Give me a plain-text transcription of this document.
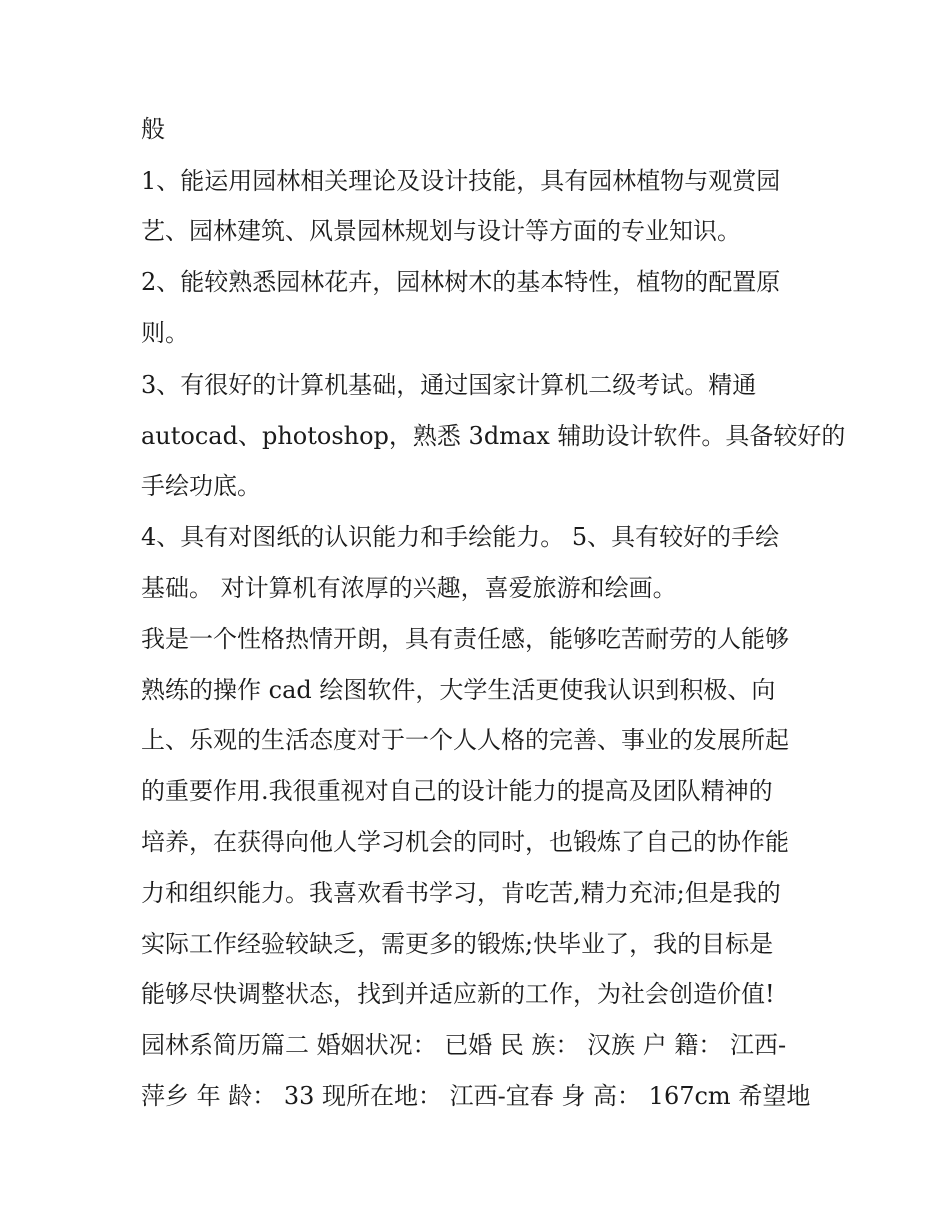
般
1、能运用园林相关理论及设计技能，具有园林植物与观赏园
艺、园林建筑、风景园林规划与设计等方面的专业知识。
2、能较熟悉园林花卉，园林树木的基本特性，植物的配置原
则。
3、有很好的计算机基础，通过国家计算机二级考试。精通
autocad、photoshop，熟悉 3dmax 辅助设计软件。具备较好的
手绘功底。
4、具有对图纸的认识能力和手绘能力。 5、具有较好的手绘
基础。 对计算机有浓厚的兴趣，喜爱旅游和绘画。
我是一个性格热情开朗，具有责任感，能够吃苦耐劳的人能够
熟练的操作 cad 绘图软件，大学生活更使我认识到积极、向
上、乐观的生活态度对于一个人人格的完善、事业的发展所起
的重要作用.我很重视对自己的设计能力的提高及团队精神的
培养，在获得向他人学习机会的同时，也锻炼了自己的协作能
力和组织能力。我喜欢看书学习，肯吃苦,精力充沛;但是我的
实际工作经验较缺乏，需更多的锻炼;快毕业了，我的目标是
能够尽快调整状态，找到并适应新的工作，为社会创造价值!
园林系简历篇二 婚姻状况： 已婚 民 族： 汉族 户 籍： 江西-
萍乡 年 龄： 33 现所在地： 江西-宜春 身 高： 167cm 希望地
